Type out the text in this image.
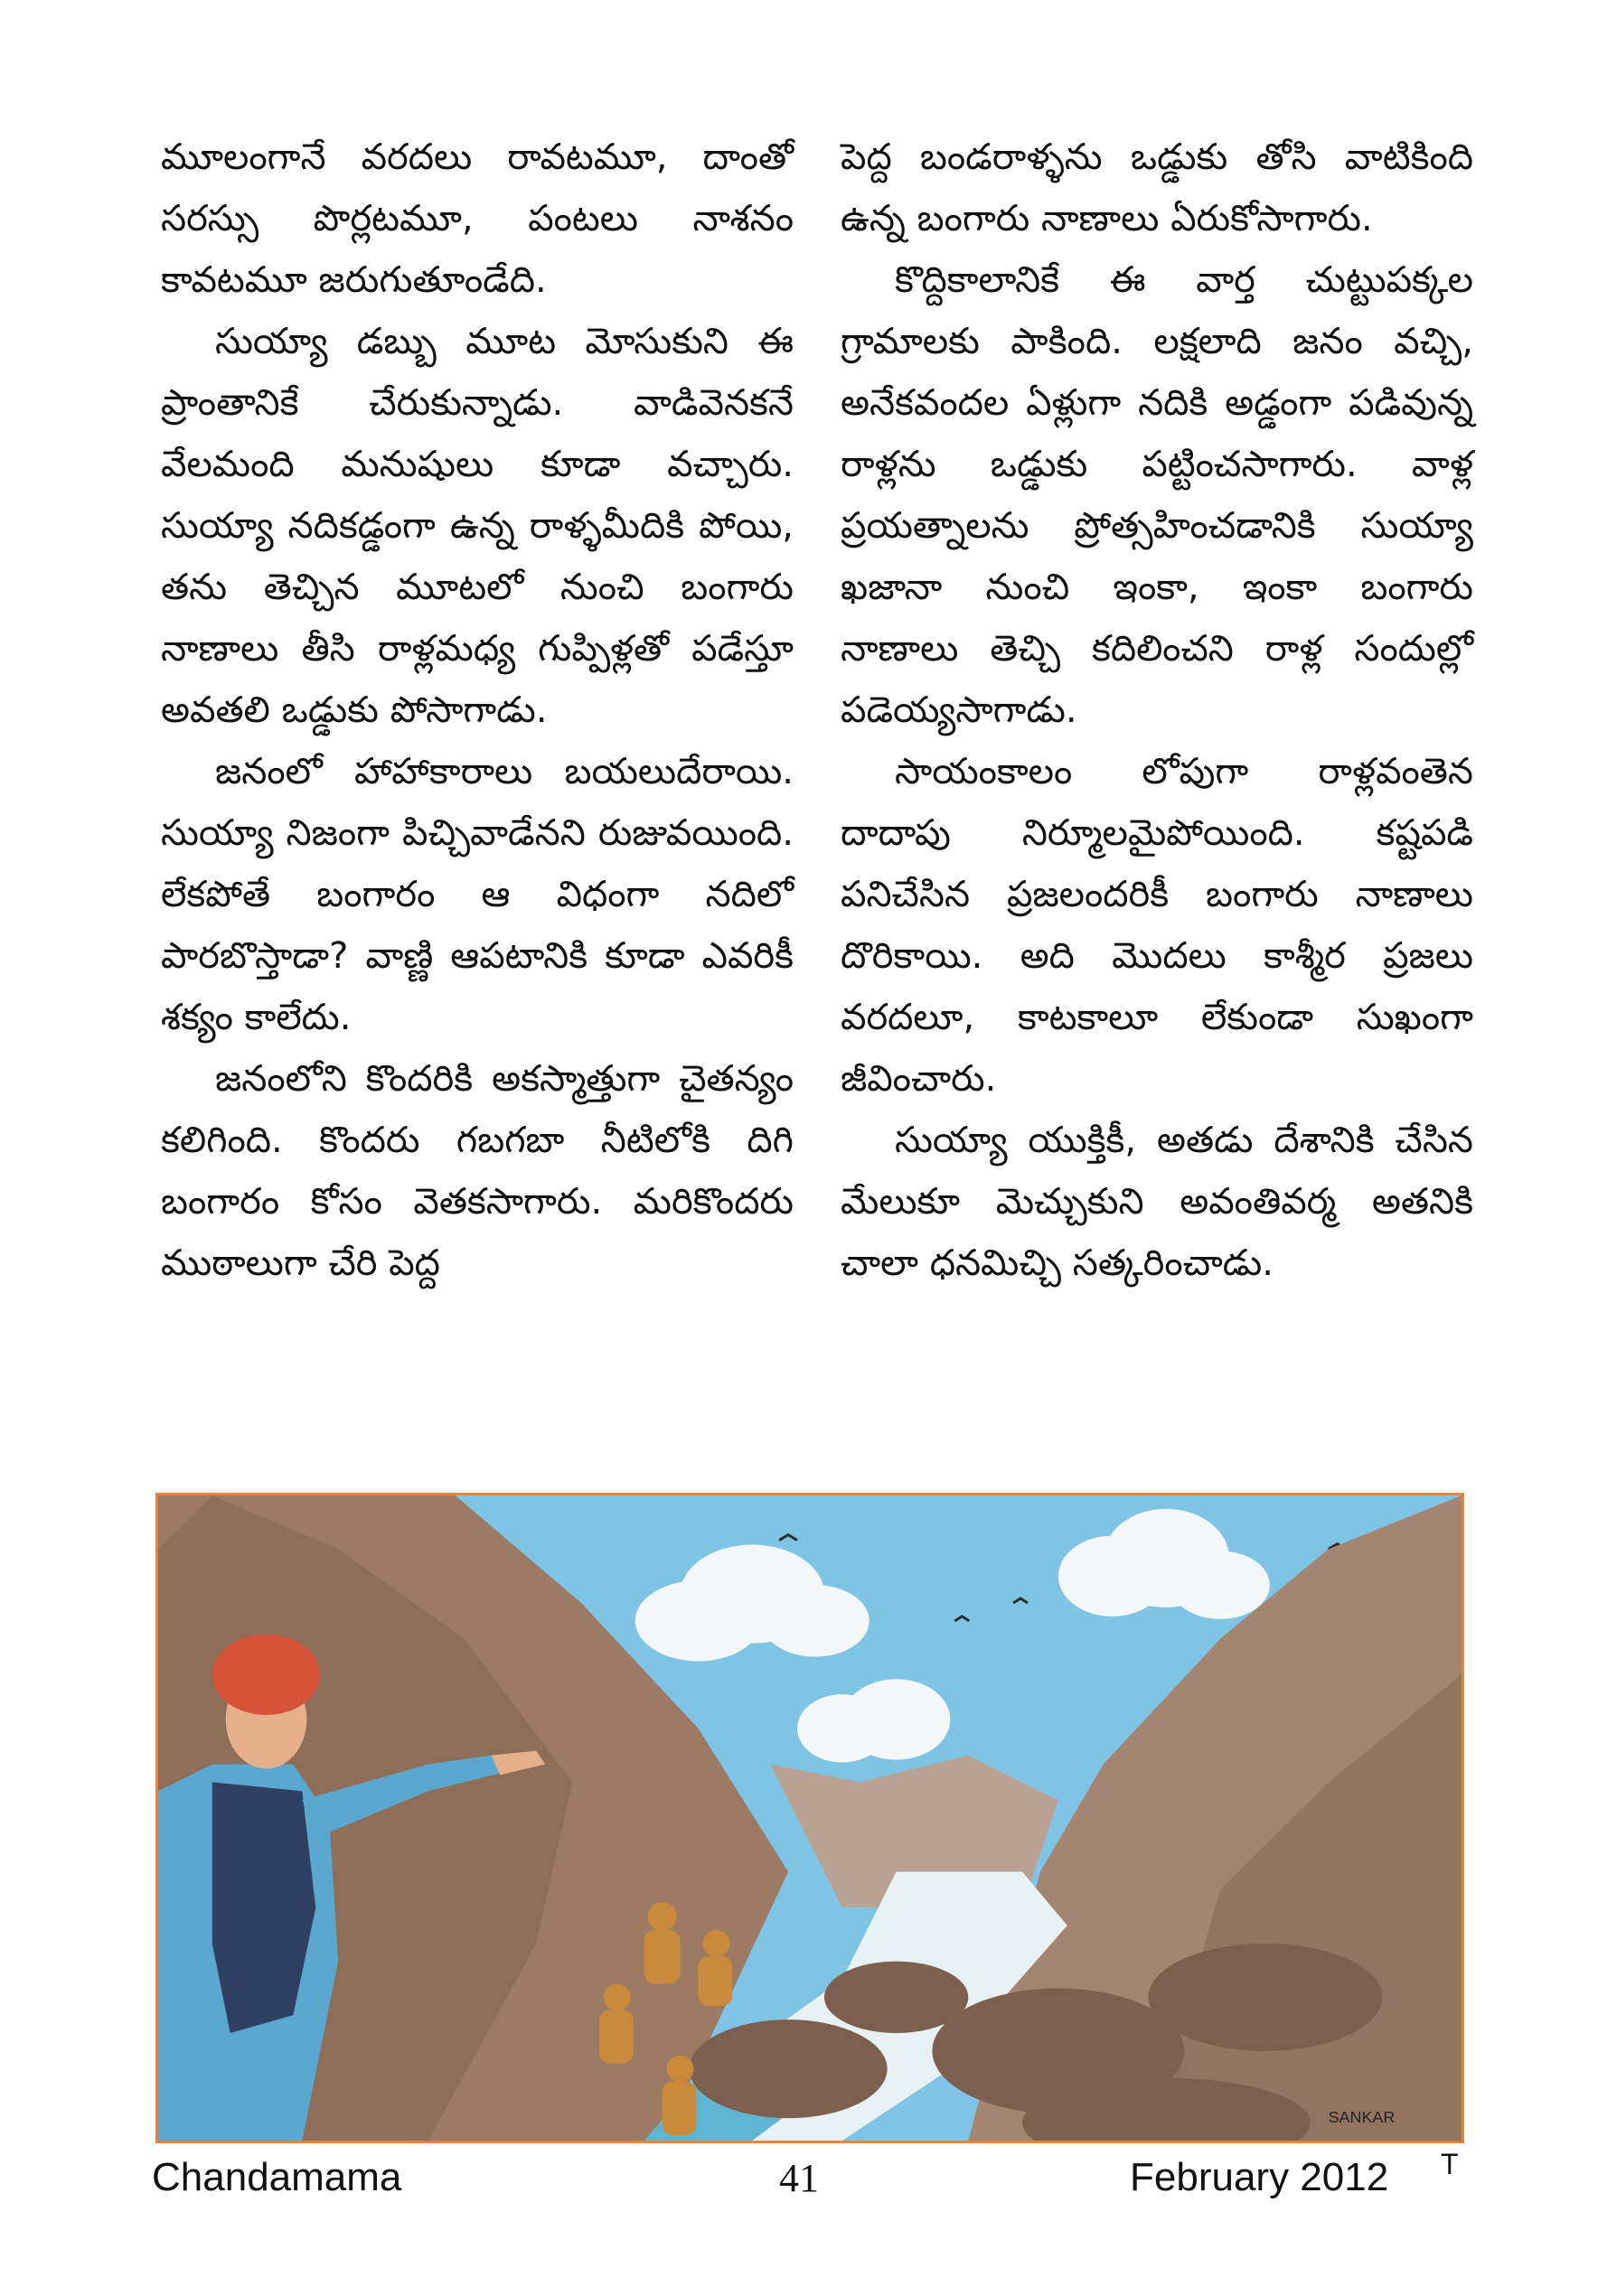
మూలంగానే వరదలు రావటమూ, దాంతో సరస్సు పొర్లటమూ, పంటలు నాశనం కావటమూ జరుగుతూండేది.

సుయ్యా డబ్బు మూట మోసుకుని ఈ ప్రాంతానికే చేరుకున్నాడు. వాడివెనకనే వేలమంది మనుషులు కూడా వచ్చారు. సుయ్యా నదికడ్డంగా ఉన్న రాళ్ళమీదికి పోయి, తను తెచ్చిన మూటలో నుంచి బంగారు నాణాలు తీసి రాళ్లమధ్య గుప్పిళ్లతో పడేస్తూ అవతలి ఒడ్డుకు పోసాగాడు.

జనంలో హాహాకారాలు బయలుదేరాయి. సుయ్యా నిజంగా పిచ్చివాడేనని రుజువయింది. లేకపోతే బంగారం ఆ విధంగా నదిలో పారబొస్తాడా? వాణ్ణి ఆపటానికి కూడా ఎవరికీ శక్యం కాలేదు.

జనంలోని కొందరికి అకస్మాత్తుగా చైతన్యం కలిగింది. కొందరు గబగబా నీటిలోకి దిగి బంగారం కోసం వెతకసాగారు. మరికొందరు ముఠాలుగా చేరి పెద్ద

పెద్ద బండరాళ్ళను ఒడ్డుకు తోసి వాటికింది ఉన్న బంగారు నాణాలు ఏరుకోసాగారు.

కొద్దికాలానికే ఈ వార్త చుట్టుపక్కల గ్రామాలకు పాకింది. లక్షలాది జనం వచ్చి, అనేకవందల ఏళ్లుగా నదికి అడ్డంగా పడివున్న రాళ్లను ఒడ్డుకు పట్టించసాగారు. వాళ్ల ప్రయత్నాలను ప్రోత్సహించడానికి సుయ్యా ఖజానా నుంచి ఇంకా, ఇంకా బంగారు నాణాలు తెచ్చి కదిలించని రాళ్ల సందుల్లో పడెయ్యసాగాడు.

సాయంకాలం లోపుగా రాళ్లవంతెన దాదాపు నిర్మూలమైపోయింది. కష్టపడి పనిచేసిన ప్రజలందరికీ బంగారు నాణాలు దొరికాయి. అది మొదలు కాశ్మీర ప్రజలు వరదలూ, కాటకాలూ లేకుండా సుఖంగా జీవించారు.

సుయ్యా యుక్తికీ, అతడు దేశానికి చేసిన మేలుకూ మెచ్చుకుని అవంతివర్మ అతనికి చాలా ధనమిచ్చి సత్కరించాడు.

SANKAR
Chandamama	41	February 2012 T
